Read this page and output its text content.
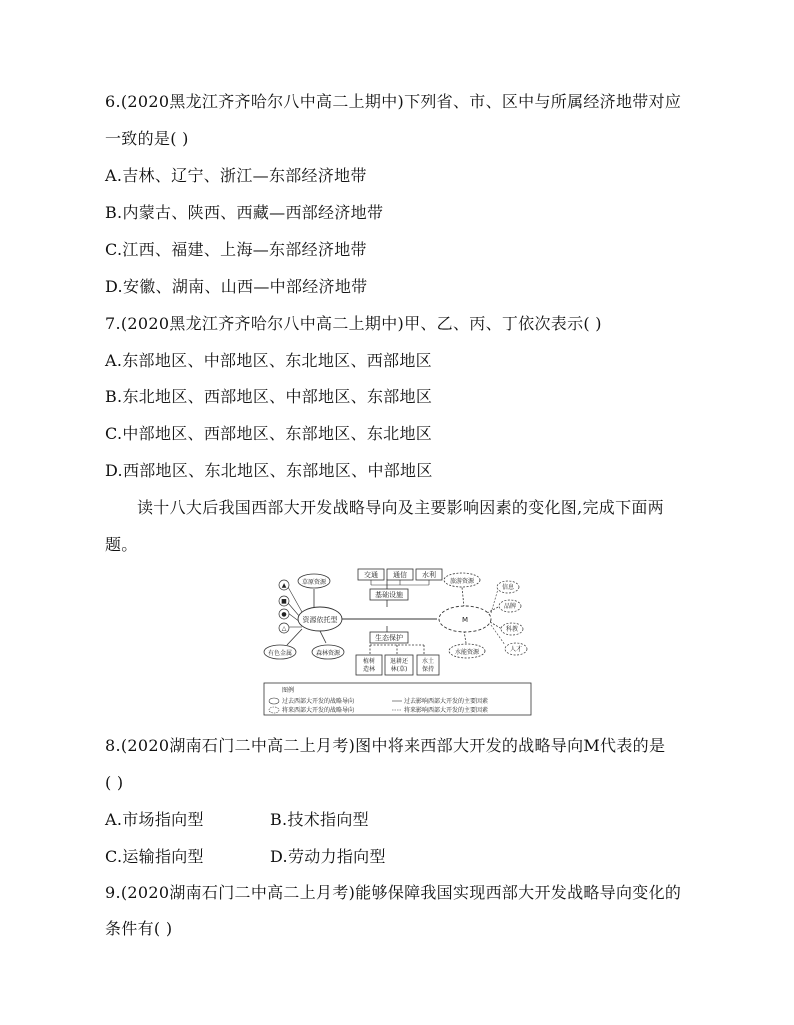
6.(2020黑龙江齐齐哈尔八中高二上期中)下列省、市、区中与所属经济地带对应
一致的是( )
A.吉林、辽宁、浙江—东部经济地带
B.内蒙古、陕西、西藏—西部经济地带
C.江西、福建、上海—东部经济地带
D.安徽、湖南、山西—中部经济地带
7.(2020黑龙江齐齐哈尔八中高二上期中)甲、乙、丙、丁依次表示( )
A.东部地区、中部地区、东北地区、西部地区
B.东北地区、西部地区、中部地区、东部地区
C.中部地区、西部地区、东部地区、东北地区
D.西部地区、东北地区、东部地区、中部地区
读十八大后我国西部大开发战略导向及主要影响因素的变化图,完成下面两
题。
交通 通信 水利
基础设施
生态保护
植树
造林
退耕还
林(草)
水土
保持
资源依托型
草原资源
有色金属	森林资源
▲
■
●
△
M
旅游资源
水能资源
信息
品牌
科教
人才
图例
过去西部大开发的战略导向	过去影响西部大开发的主要因素
将来西部大开发的战略导向	将来影响西部大开发的主要因素
8.(2020湖南石门二中高二上月考)图中将来西部大开发的战略导向M代表的是
( )
A.市场指向型	B.技术指向型
C.运输指向型	D.劳动力指向型
9.(2020湖南石门二中高二上月考)能够保障我国实现西部大开发战略导向变化的
条件有( )
